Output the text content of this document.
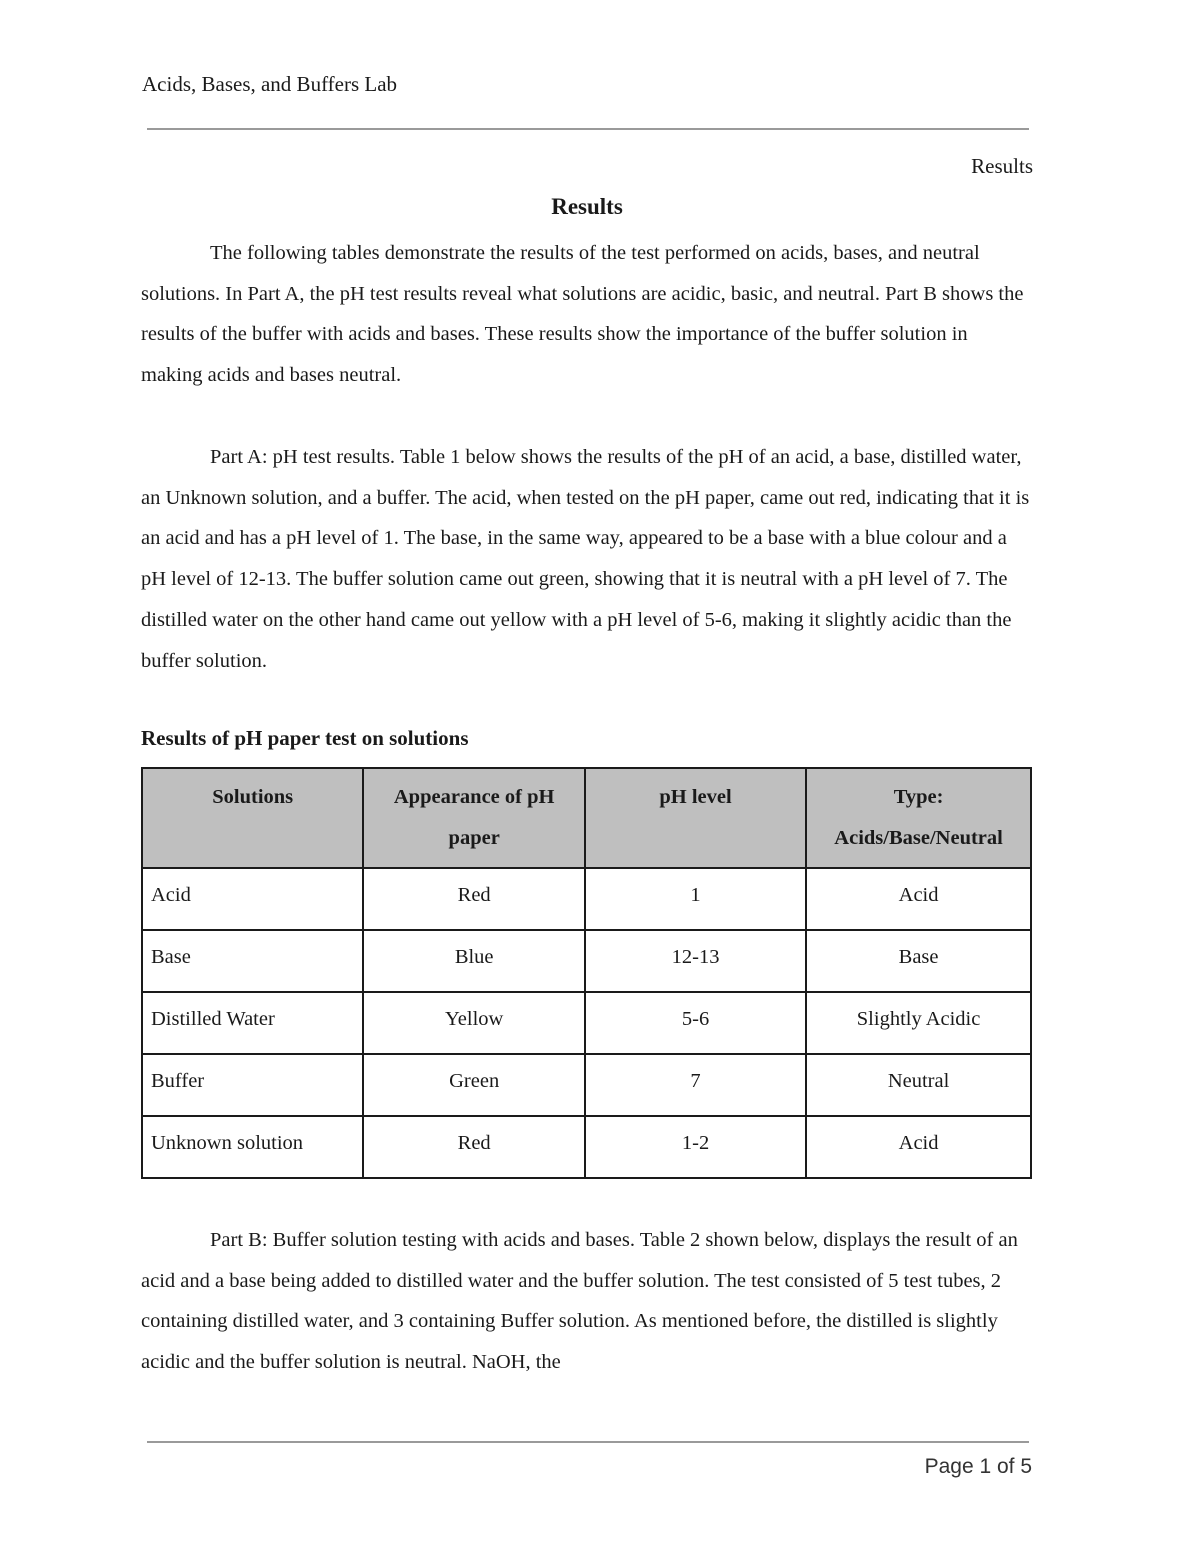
Acids, Bases, and Buffers Lab
Results
Results

The following tables demonstrate the results of the test performed on acids, bases, and neutral solutions. In Part A, the pH test results reveal what solutions are acidic, basic, and neutral. Part B shows the results of the buffer with acids and bases. These results show the importance of the buffer solution in making acids and bases neutral.

Part A: pH test results. Table 1 below shows the results of the pH of an acid, a base, distilled water, an Unknown solution, and a buffer. The acid, when tested on the pH paper, came out red, indicating that it is an acid and has a pH level of 1. The base, in the same way, appeared to be a base with a blue colour and a pH level of 12-13. The buffer solution came out green, showing that it is neutral with a pH level of 7. The distilled water on the other hand came out yellow with a pH level of 5-6, making it slightly acidic than the buffer solution.

Results of pH paper test on solutions
Solutions	Appearance of pH paper	pH level	Type: Acids/Base/Neutral
Acid	Red	1	Acid
Base	Blue	12-13	Base
Distilled Water	Yellow	5-6	Slightly Acidic
Buffer	Green	7	Neutral
Unknown solution	Red	1-2	Acid

Part B: Buffer solution testing with acids and bases. Table 2 shown below, displays the result of an acid and a base being added to distilled water and the buffer solution. The test consisted of 5 test tubes, 2 containing distilled water, and 3 containing Buffer solution. As mentioned before, the distilled is slightly acidic and the buffer solution is neutral. NaOH, the

Page 1 of 5
